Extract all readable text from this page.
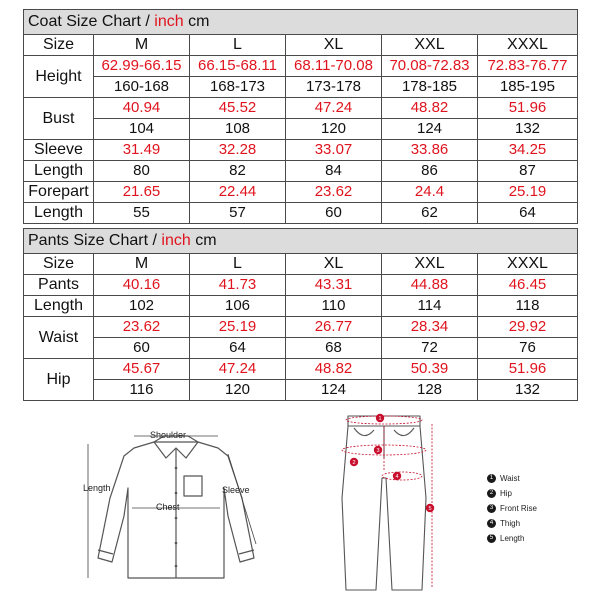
Coat Size Chart / inch cm					
Size	M	L	XL	XXL	XXXL
Height	62.99-66.15	66.15-68.11	68.11-70.08	70.08-72.83	72.83-76.77
	160-168	168-173	173-178	178-185	185-195
Bust	40.94	45.52	47.24	48.82	51.96
	104	108	120	124	132
Sleeve	31.49	32.28	33.07	33.86	34.25
Length	80	82	84	86	87
Forepart	21.65	22.44	23.62	24.4	25.19
Length	55	57	60	62	64
Pants Size Chart / inch cm					
Size	M	L	XL	XXL	XXXL
Pants	40.16	41.73	43.31	44.88	46.45
Length	102	106	110	114	118
Waist	23.62	25.19	26.77	28.34	29.92
	60	64	68	72	76
Hip	45.67	47.24	48.82	50.39	51.96
	116	120	124	128	132
Shoulder
Length
Chest
Sleeve
1
2
3
4
5
1 Waist
2 Hip
3 Front Rise
4 Thigh
5 Length
